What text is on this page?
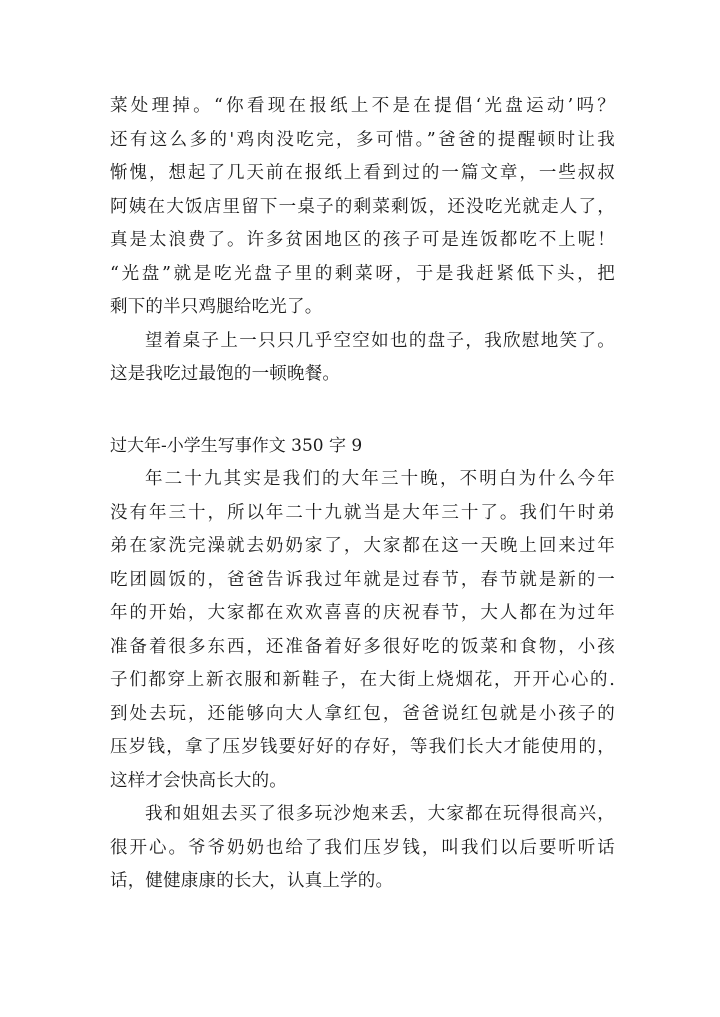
菜处理掉。“你看现在报纸上不是在提倡‘光盘运动’吗？
还有这么多的'鸡肉没吃完，多可惜。”爸爸的提醒顿时让我
惭愧，想起了几天前在报纸上看到过的一篇文章，一些叔叔
阿姨在大饭店里留下一桌子的剩菜剩饭，还没吃光就走人了，
真是太浪费了。许多贫困地区的孩子可是连饭都吃不上呢！
“光盘”就是吃光盘子里的剩菜呀，于是我赶紧低下头，把
剩下的半只鸡腿给吃光了。
望着桌子上一只只几乎空空如也的盘子，我欣慰地笑了。
这是我吃过最饱的一顿晚餐。
过大年-小学生写事作文 350 字 9
年二十九其实是我们的大年三十晚，不明白为什么今年
没有年三十，所以年二十九就当是大年三十了。我们午时弟
弟在家洗完澡就去奶奶家了，大家都在这一天晚上回来过年
吃团圆饭的，爸爸告诉我过年就是过春节，春节就是新的一
年的开始，大家都在欢欢喜喜的庆祝春节，大人都在为过年
准备着很多东西，还准备着好多很好吃的饭菜和食物，小孩
子们都穿上新衣服和新鞋子，在大街上烧烟花，开开心心的.
到处去玩，还能够向大人拿红包，爸爸说红包就是小孩子的
压岁钱，拿了压岁钱要好好的存好，等我们长大才能使用的，
这样才会快高长大的。
我和姐姐去买了很多玩沙炮来丢，大家都在玩得很高兴，
很开心。爷爷奶奶也给了我们压岁钱，叫我们以后要听听话
话，健健康康的长大，认真上学的。
